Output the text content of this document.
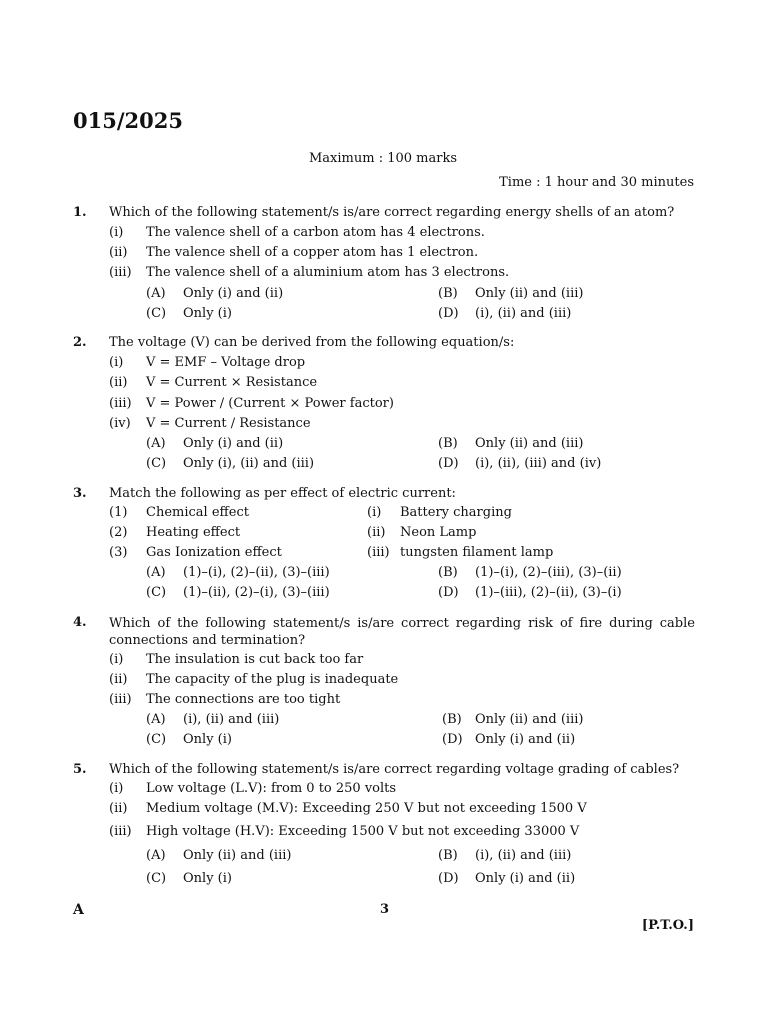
015/2025
Maximum : 100 marks
Time : 1 hour and 30 minutes
1. Which of the following statement/s is/are correct regarding energy shells of an atom?
(i) The valence shell of a carbon atom has 4 electrons.
(ii) The valence shell of a copper atom has 1 electron.
(iii) The valence shell of a aluminium atom has 3 electrons.
(A) Only (i) and (ii)	(B) Only (ii) and (iii)
(C) Only (i)	(D) (i), (ii) and (iii)
2. The voltage (V) can be derived from the following equation/s:
(i) V = EMF – Voltage drop
(ii) V = Current × Resistance
(iii) V = Power / (Current × Power factor)
(iv) V = Current / Resistance
(A) Only (i) and (ii)	(B) Only (ii) and (iii)
(C) Only (i), (ii) and (iii)	(D) (i), (ii), (iii) and (iv)
3. Match the following as per effect of electric current:
(1) Chemical effect	(i) Battery charging
(2) Heating effect	(ii) Neon Lamp
(3) Gas Ionization effect	(iii) tungsten filament lamp
(A) (1)–(i), (2)–(ii), (3)–(iii)	(B) (1)–(i), (2)–(iii), (3)–(ii)
(C) (1)–(ii), (2)–(i), (3)–(iii)	(D) (1)–(iii), (2)–(ii), (3)–(i)
4. Which of the following statement/s is/are correct regarding risk of fire during cable connections and termination?
(i) The insulation is cut back too far
(ii) The capacity of the plug is inadequate
(iii) The connections are too tight
(A) (i), (ii) and (iii)	(B) Only (ii) and (iii)
(C) Only (i)	(D) Only (i) and (ii)
5. Which of the following statement/s is/are correct regarding voltage grading of cables?
(i) Low voltage (L.V): from 0 to 250 volts
(ii) Medium voltage (M.V): Exceeding 250 V but not exceeding 1500 V
(iii) High voltage (H.V): Exceeding 1500 V but not exceeding 33000 V
(A) Only (ii) and (iii)	(B) (i), (ii) and (iii)
(C) Only (i)	(D) Only (i) and (ii)
A	3
[P.T.O.]
